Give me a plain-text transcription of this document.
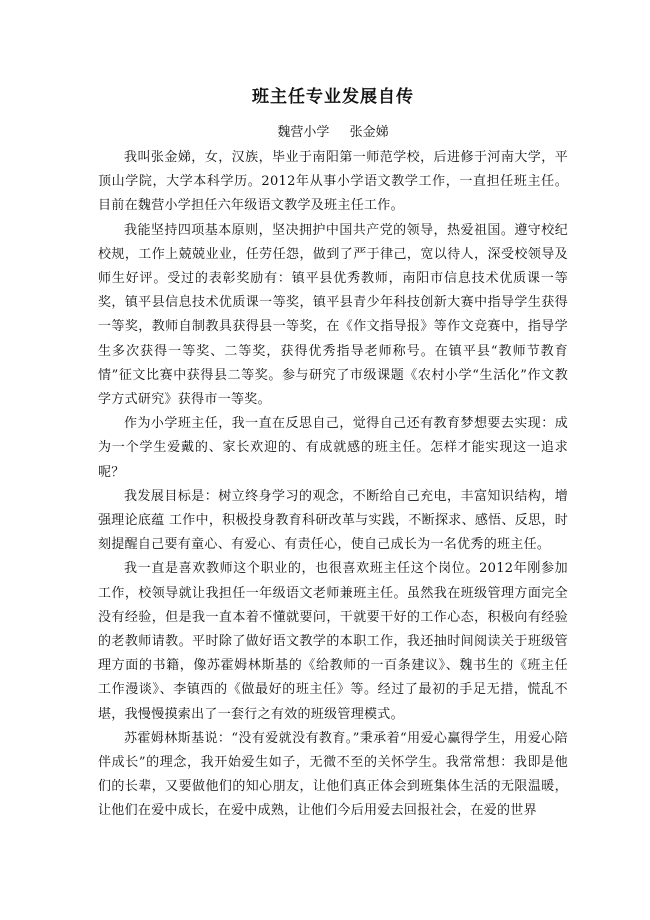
班主任专业发展自传
魏营小学 张金娣

我叫张金娣，女，汉族，毕业于南阳第一师范学校，后进修于河南大学，平顶山学院，大学本科学历。2012年从事小学语文教学工作，一直担任班主任。目前在魏营小学担任六年级语文教学及班主任工作。

我能坚持四项基本原则，坚决拥护中国共产党的领导，热爱祖国。遵守校纪校规，工作上兢兢业业，任劳任怨，做到了严于律己，宽以待人，深受校领导及师生好评。受过的表彰奖励有：镇平县优秀教师，南阳市信息技术优质课一等奖，镇平县信息技术优质课一等奖，镇平县青少年科技创新大赛中指导学生获得一等奖，教师自制教具获得县一等奖，在《作文指导报》等作文竞赛中，指导学生多次获得一等奖、二等奖，获得优秀指导老师称号。在镇平县“教师节教育情”征文比赛中获得县二等奖。参与研究了市级课题《农村小学“生活化”作文教学方式研究》获得市一等奖。

作为小学班主任，我一直在反思自己，觉得自己还有教育梦想要去实现：成为一个学生爱戴的、家长欢迎的、有成就感的班主任。怎样才能实现这一追求呢？

我发展目标是：树立终身学习的观念，不断给自己充电，丰富知识结构，增强理论底蕴 工作中，积极投身教育科研改革与实践，不断探求、感悟、反思，时刻提醒自己要有童心、有爱心、有责任心，使自己成长为一名优秀的班主任。

我一直是喜欢教师这个职业的，也很喜欢班主任这个岗位。2012年刚参加工作，校领导就让我担任一年级语文老师兼班主任。虽然我在班级管理方面完全没有经验，但是我一直本着不懂就要问，干就要干好的工作心态，积极向有经验的老教师请教。平时除了做好语文教学的本职工作，我还抽时间阅读关于班级管理方面的书籍，像苏霍姆林斯基的《给教师的一百条建议》、魏书生的《班主任工作漫谈》、李镇西的《做最好的班主任》等。经过了最初的手足无措，慌乱不堪，我慢慢摸索出了一套行之有效的班级管理模式。

苏霍姆林斯基说：“没有爱就没有教育。”秉承着“用爱心赢得学生，用爱心陪伴成长”的理念，我开始爱生如子，无微不至的关怀学生。我常常想：我即是他们的长辈，又要做他们的知心朋友，让他们真正体会到班集体生活的无限温暖，让他们在爱中成长，在爱中成熟，让他们今后用爱去回报社会，在爱的世界
